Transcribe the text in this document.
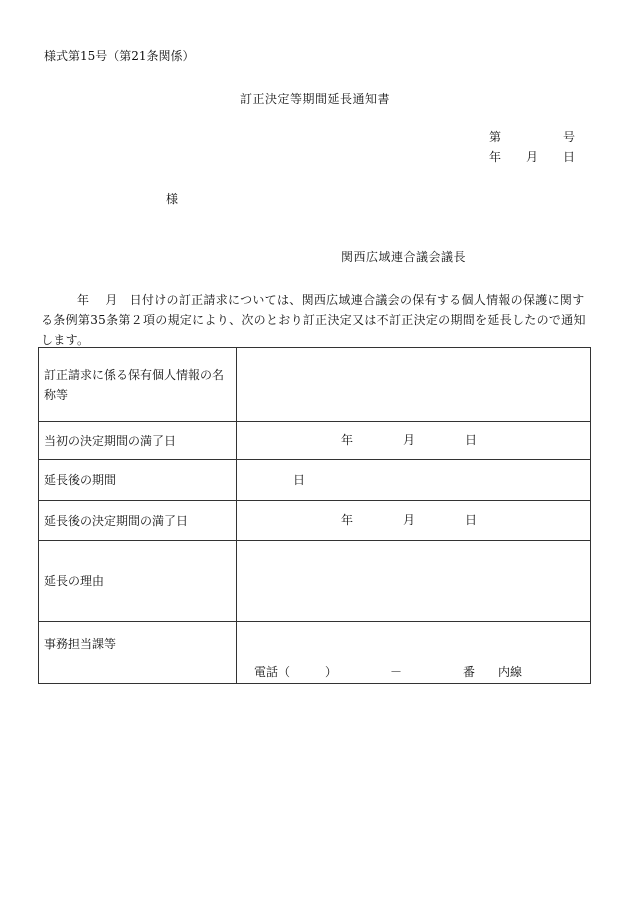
様式第15号（第21条関係）
訂正決定等期間延長通知書
第	号
年 月 日
様
関西広域連合議会議長
年 月 日付けの訂正請求については、関西広域連合議会の保有する個人情報の保護に関す
る条例第35条第２項の規定により、次のとおり訂正決定又は不訂正決定の期間を延長したので通知
します。
訂正請求に係る保有個人情報の名称等	
当初の決定期間の満了日	年 月 日

延長後の期間	日

延長後の決定期間の満了日	年 月 日

延長の理由	
事務担当課等	電話（ ） － 番 内線
